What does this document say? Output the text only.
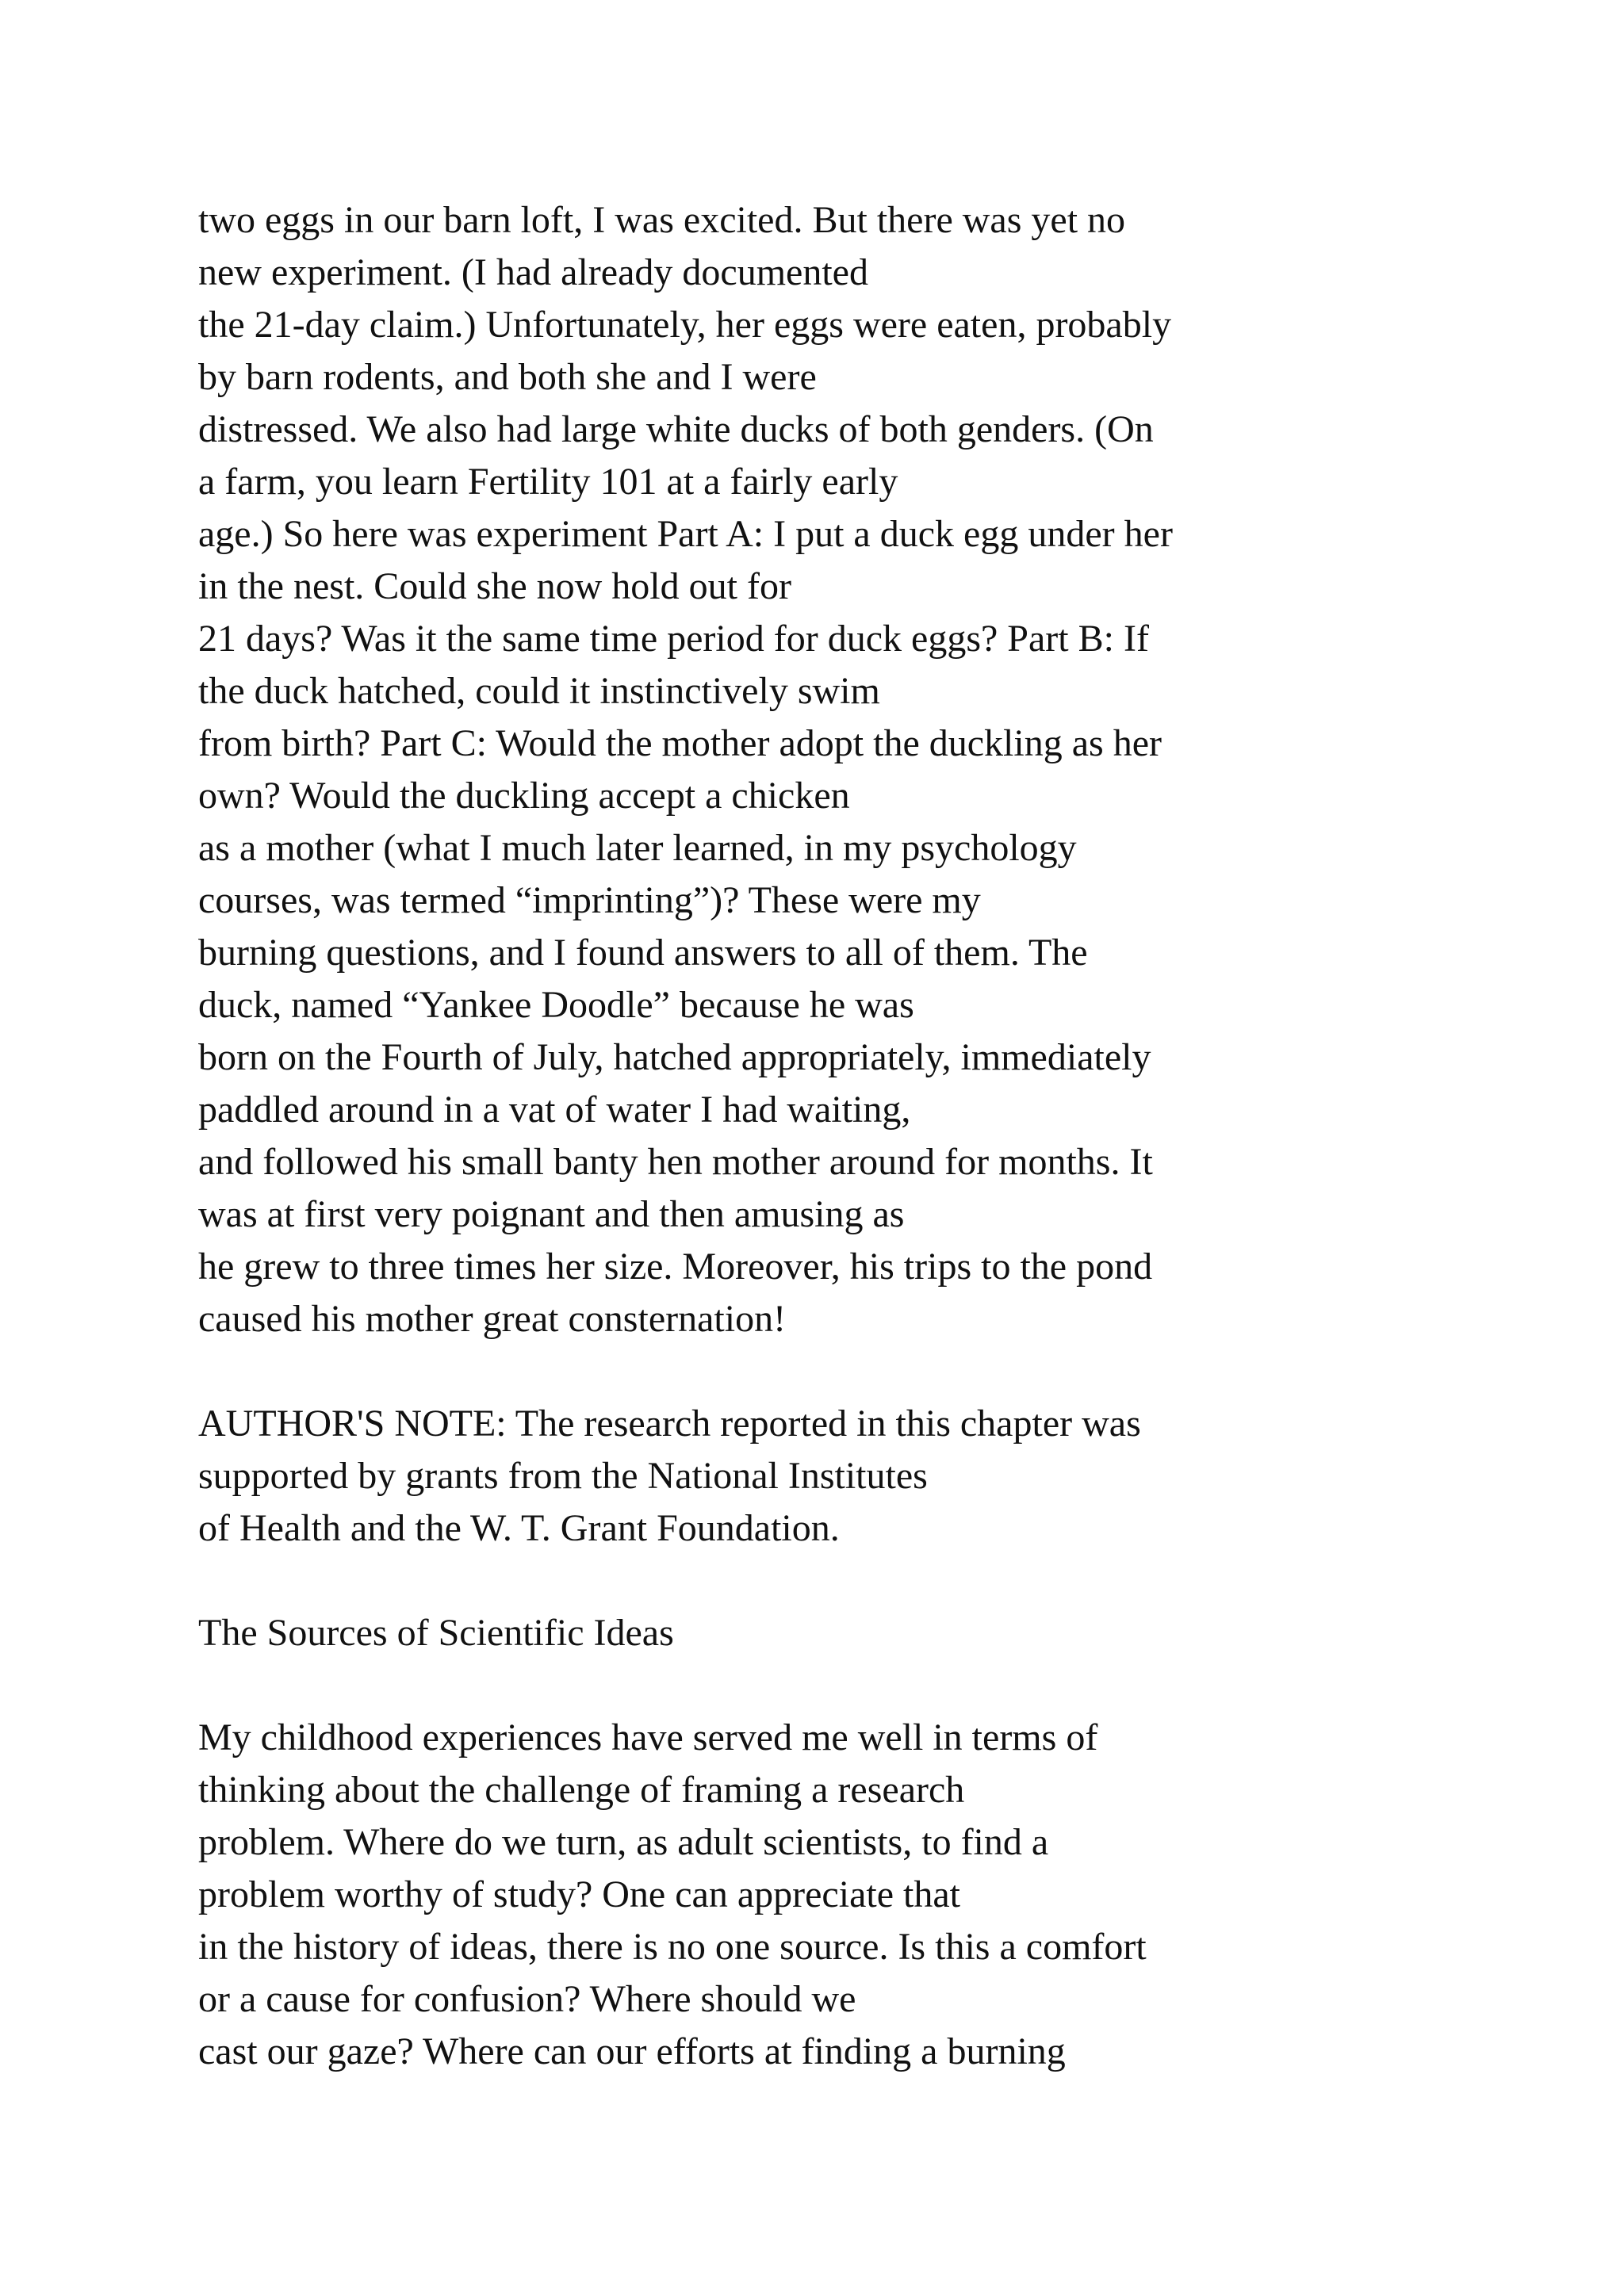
two eggs in our barn loft, I was excited. But there was yet no
new experiment. (I had already documented
the 21-day claim.) Unfortunately, her eggs were eaten, probably
by barn rodents, and both she and I were
distressed. We also had large white ducks of both genders. (On
a farm, you learn Fertility 101 at a fairly early
age.) So here was experiment Part A: I put a duck egg under her
in the nest. Could she now hold out for
21 days? Was it the same time period for duck eggs? Part B: If
the duck hatched, could it instinctively swim
from birth? Part C: Would the mother adopt the duckling as her
own? Would the duckling accept a chicken
as a mother (what I much later learned, in my psychology
courses, was termed “imprinting”)? These were my
burning questions, and I found answers to all of them. The
duck, named “Yankee Doodle” because he was
born on the Fourth of July, hatched appropriately, immediately
paddled around in a vat of water I had waiting,
and followed his small banty hen mother around for months. It
was at first very poignant and then amusing as
he grew to three times her size. Moreover, his trips to the pond
caused his mother great consternation!
AUTHOR'S NOTE: The research reported in this chapter was
supported by grants from the National Institutes
of Health and the W. T. Grant Foundation.
The Sources of Scientific Ideas
My childhood experiences have served me well in terms of
thinking about the challenge of framing a research
problem. Where do we turn, as adult scientists, to find a
problem worthy of study? One can appreciate that
in the history of ideas, there is no one source. Is this a comfort
or a cause for confusion? Where should we
cast our gaze? Where can our efforts at finding a burning
